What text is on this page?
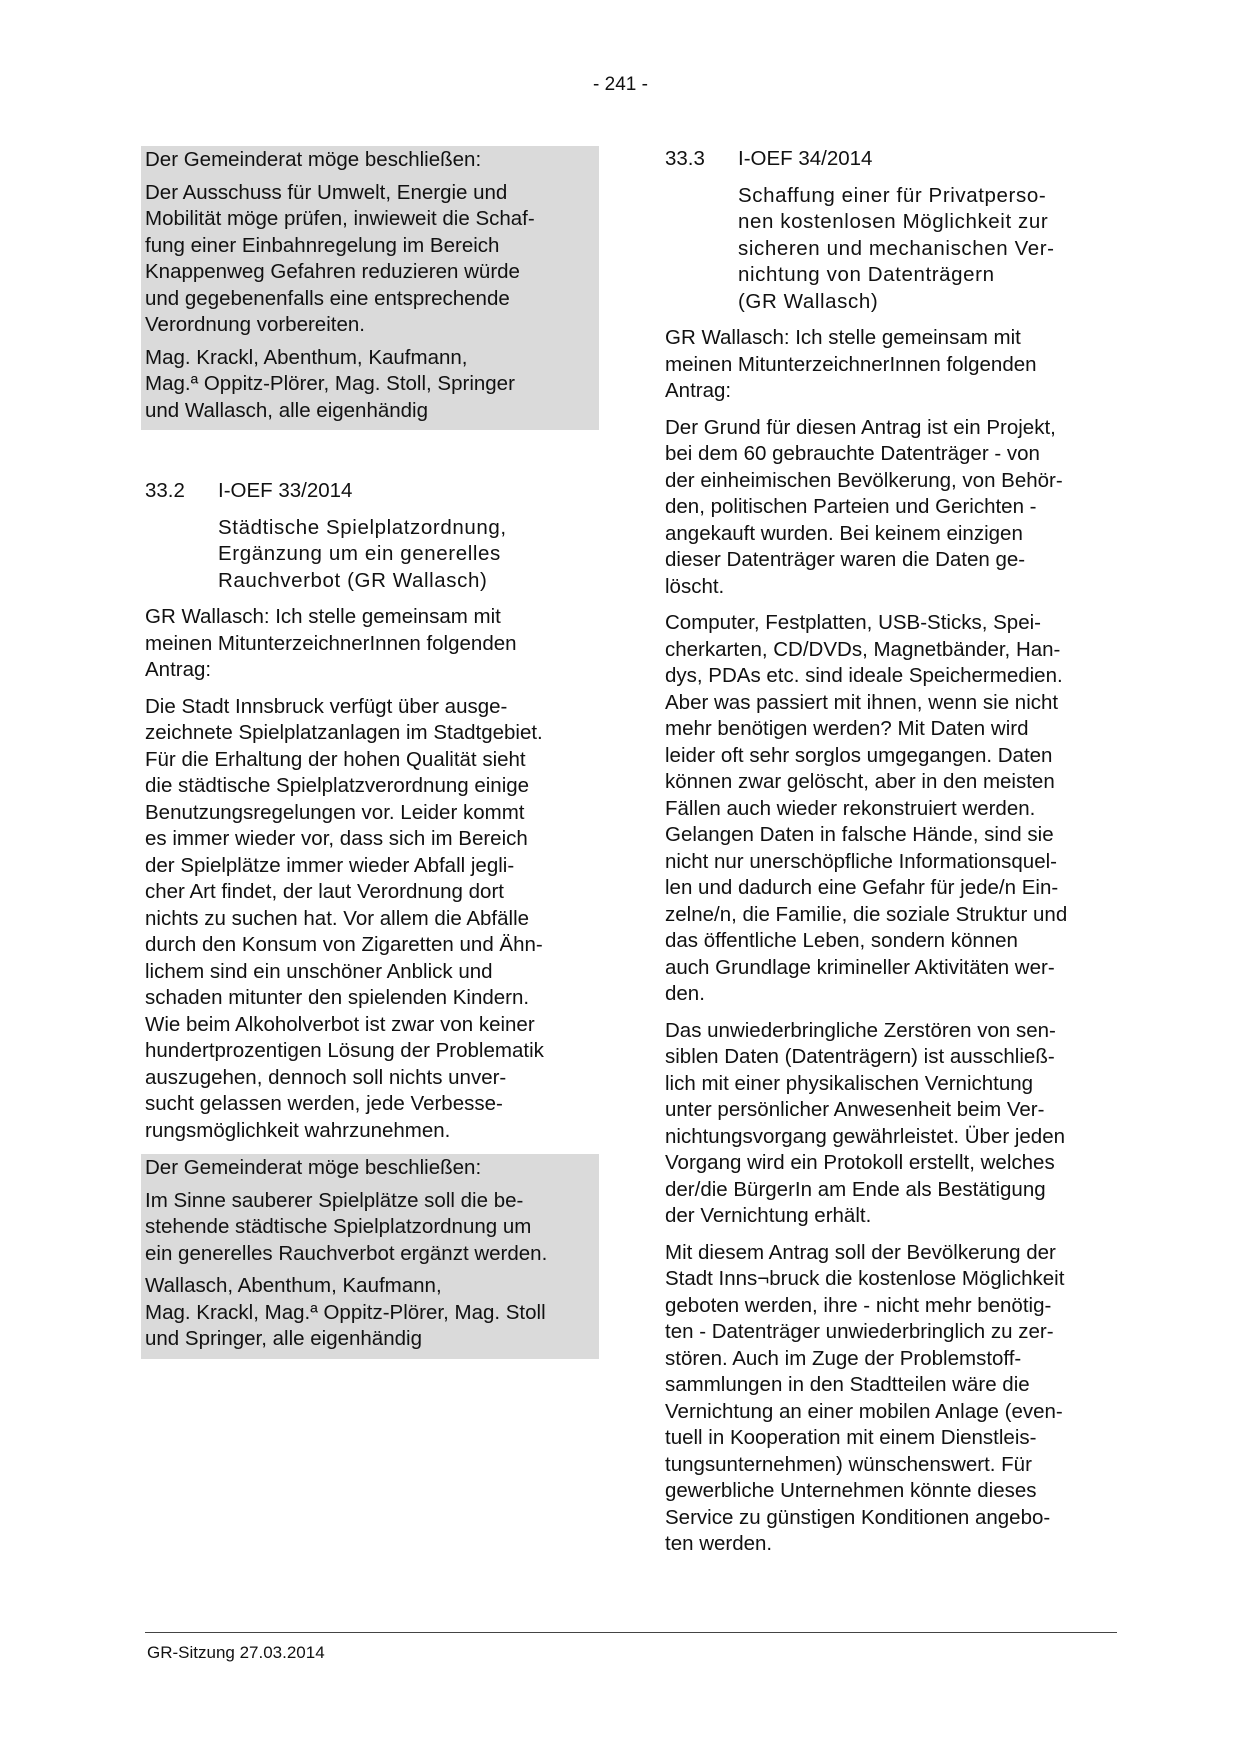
- 241 -

Der Gemeinderat möge beschließen:

Der Ausschuss für Umwelt, Energie und
Mobilität möge prüfen, inwieweit die Schaf-
fung einer Einbahnregelung im Bereich
Knappenweg Gefahren reduzieren würde
und gegebenenfalls eine entsprechende
Verordnung vorbereiten.

Mag. Krackl, Abenthum, Kaufmann,
Mag.ª Oppitz-Plörer, Mag. Stoll, Springer
und Wallasch, alle eigenhändig

33.2	I-OEF 33/2014
Städtische Spielplatzordnung,
Ergänzung um ein generelles
Rauchverbot (GR Wallasch)

GR Wallasch: Ich stelle gemeinsam mit
meinen MitunterzeichnerInnen folgenden
Antrag:

Die Stadt Innsbruck verfügt über ausge-
zeichnete Spielplatzanlagen im Stadtgebiet.
Für die Erhaltung der hohen Qualität sieht
die städtische Spielplatzverordnung einige
Benutzungsregelungen vor. Leider kommt
es immer wieder vor, dass sich im Bereich
der Spielplätze immer wieder Abfall jegli-
cher Art findet, der laut Verordnung dort
nichts zu suchen hat. Vor allem die Abfälle
durch den Konsum von Zigaretten und Ähn-
lichem sind ein unschöner Anblick und
schaden mitunter den spielenden Kindern.
Wie beim Alkoholverbot ist zwar von keiner
hundertprozentigen Lösung der Problematik
auszugehen, dennoch soll nichts unver-
sucht gelassen werden, jede Verbesse-
rungsmöglichkeit wahrzunehmen.

Der Gemeinderat möge beschließen:

Im Sinne sauberer Spielplätze soll die be-
stehende städtische Spielplatzordnung um
ein generelles Rauchverbot ergänzt werden.

Wallasch, Abenthum, Kaufmann,
Mag. Krackl, Mag.ª Oppitz-Plörer, Mag. Stoll
und Springer, alle eigenhändig

33.3	I-OEF 34/2014
Schaffung einer für Privatperso-
nen kostenlosen Möglichkeit zur
sicheren und mechanischen Ver-
nichtung von Datenträgern
(GR Wallasch)

GR Wallasch: Ich stelle gemeinsam mit
meinen MitunterzeichnerInnen folgenden
Antrag:

Der Grund für diesen Antrag ist ein Projekt,
bei dem 60 gebrauchte Datenträger - von
der einheimischen Bevölkerung, von Behör-
den, politischen Parteien und Gerichten -
angekauft wurden. Bei keinem einzigen
dieser Datenträger waren die Daten ge-
löscht.

Computer, Festplatten, USB-Sticks, Spei-
cherkarten, CD/DVDs, Magnetbänder, Han-
dys, PDAs etc. sind ideale Speichermedien.
Aber was passiert mit ihnen, wenn sie nicht
mehr benötigen werden? Mit Daten wird
leider oft sehr sorglos umgegangen. Daten
können zwar gelöscht, aber in den meisten
Fällen auch wieder rekonstruiert werden.
Gelangen Daten in falsche Hände, sind sie
nicht nur unerschöpfliche Informationsquel-
len und dadurch eine Gefahr für jede/n Ein-
zelne/n, die Familie, die soziale Struktur und
das öffentliche Leben, sondern können
auch Grundlage krimineller Aktivitäten wer-
den.

Das unwiederbringliche Zerstören von sen-
siblen Daten (Datenträgern) ist ausschließ-
lich mit einer physikalischen Vernichtung
unter persönlicher Anwesenheit beim Ver-
nichtungsvorgang gewährleistet. Über jeden
Vorgang wird ein Protokoll erstellt, welches
der/die BürgerIn am Ende als Bestätigung
der Vernichtung erhält.

Mit diesem Antrag soll der Bevölkerung der
Stadt Inns¬bruck die kostenlose Möglichkeit
geboten werden, ihre - nicht mehr benötig-
ten - Datenträger unwiederbringlich zu zer-
stören. Auch im Zuge der Problemstoff-
sammlungen in den Stadtteilen wäre die
Vernichtung an einer mobilen Anlage (even-
tuell in Kooperation mit einem Dienstleis-
tungsunternehmen) wünschenswert. Für
gewerbliche Unternehmen könnte dieses
Service zu günstigen Konditionen angebo-
ten werden.

GR-Sitzung 27.03.2014
